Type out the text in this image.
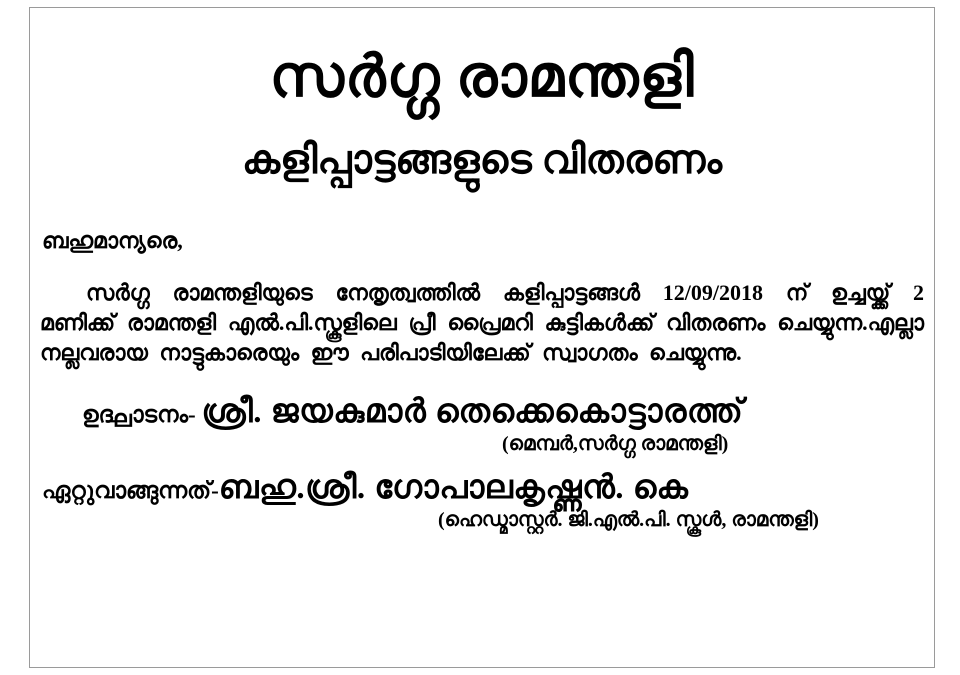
സർഗ്ഗ രാമന്തളി
കളിപ്പാട്ടങ്ങളുടെ വിതരണം

ബഹുമാന്യരെ,

സർഗ്ഗ രാമന്തളിയുടെ നേതൃത്വത്തിൽ കളിപ്പാട്ടങ്ങൾ 12/09/2018 ന് ഉച്ചയ്ക്ക് 2 മണിക്ക് രാമന്തളി എൽ.പി.സ്കൂളിലെ പ്രീ പ്രൈമറി കുട്ടികൾക്ക് വിതരണം ചെയ്യുന്ന.എല്ലാ നല്ലവരായ നാട്ടുകാരെയും ഈ പരിപാടിയിലേക്ക് സ്വാഗതം ചെയ്യുന്നു.

ഉദ്ഘാടനം- ശ്രീ. ജയകുമാർ തെക്കെകൊട്ടാരത്ത്
(മെമ്പർ,സർഗ്ഗ രാമന്തളി)
ഏറ്റുവാങ്ങുന്നത്-ബഹു.ശ്രീ. ഗോപാലകൃഷ്ണൻ. കെ
(ഹെഡ്മാസ്റ്റർ. ജി.എൽ.പി. സ്കൂൾ, രാമന്തളി)
